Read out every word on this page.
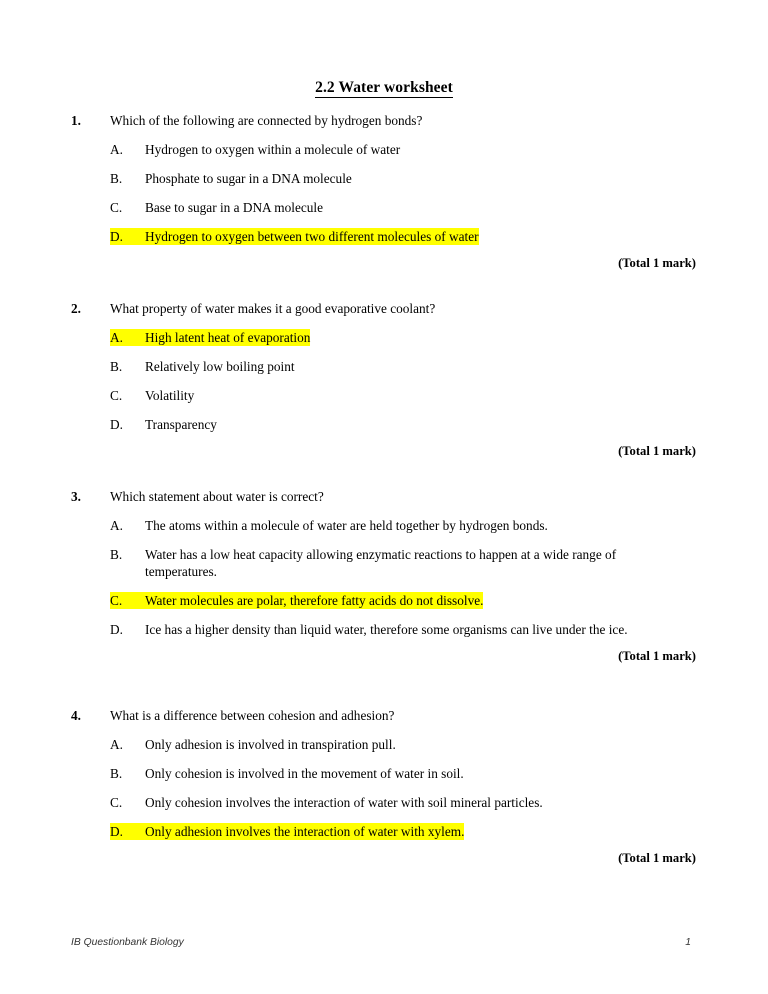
2.2 Water worksheet
1. Which of the following are connected by hydrogen bonds?
A. Hydrogen to oxygen within a molecule of water
B. Phosphate to sugar in a DNA molecule
C. Base to sugar in a DNA molecule
D. Hydrogen to oxygen between two different molecules of water
(Total 1 mark)
2. What property of water makes it a good evaporative coolant?
A. High latent heat of evaporation
B. Relatively low boiling point
C. Volatility
D. Transparency
(Total 1 mark)
3. Which statement about water is correct?
A. The atoms within a molecule of water are held together by hydrogen bonds.
B. Water has a low heat capacity allowing enzymatic reactions to happen at a wide range of temperatures.
C. Water molecules are polar, therefore fatty acids do not dissolve.
D. Ice has a higher density than liquid water, therefore some organisms can live under the ice.
(Total 1 mark)
4. What is a difference between cohesion and adhesion?
A. Only adhesion is involved in transpiration pull.
B. Only cohesion is involved in the movement of water in soil.
C. Only cohesion involves the interaction of water with soil mineral particles.
D. Only adhesion involves the interaction of water with xylem.
(Total 1 mark)
IB Questionbank Biology	1
